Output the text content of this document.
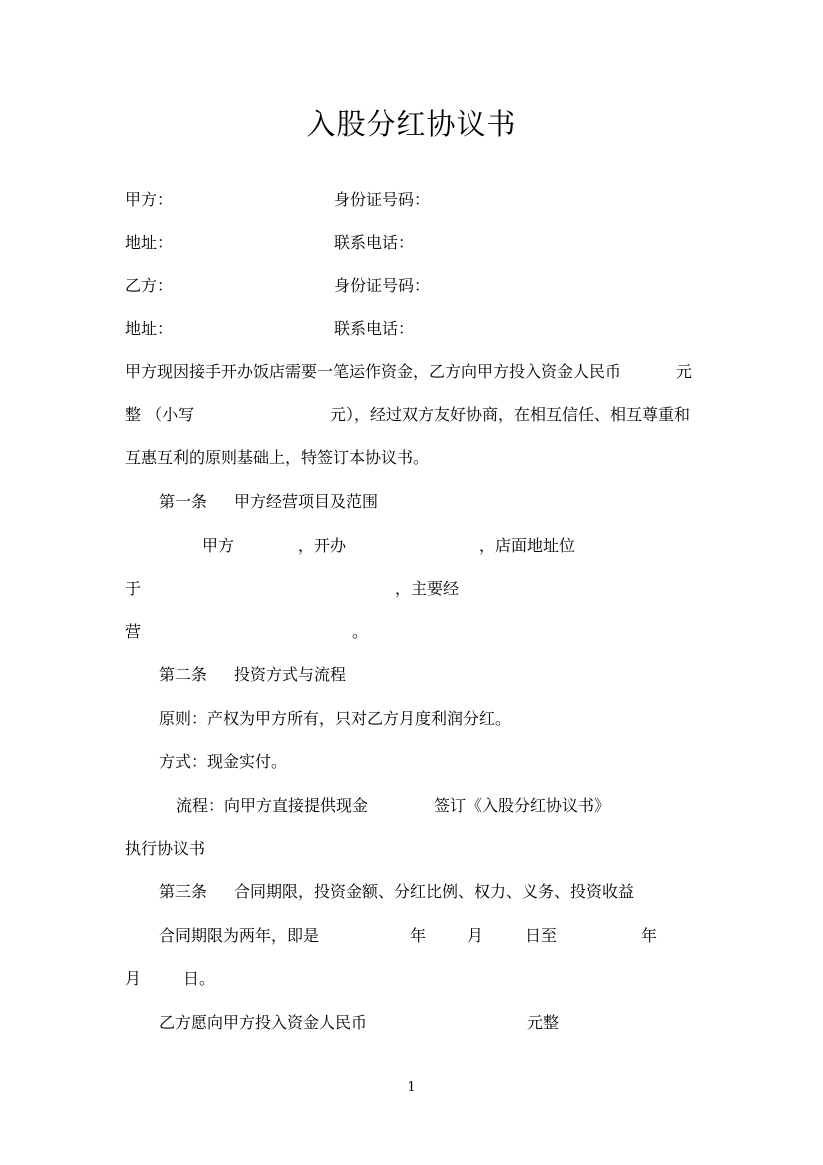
入股分红协议书
甲方：	身份证号码：
地址：	联系电话：
乙方：	身份证号码：
地址：	联系电话：
甲方现因接手开办饭店需要一笔运作资金，乙方向甲方投入资金人民币	元
整 （小写	元），经过双方友好协商，在相互信任、相互尊重和
互惠互利的原则基础上，特签订本协议书。
第一条 甲方经营项目及范围
甲方	，开办	，店面地址位
于	，主要经
营	。
第二条 投资方式与流程
原则：产权为甲方所有，只对乙方月度利润分红。
方式：现金实付。
流程：向甲方直接提供现金	签订《入股分红协议书》
执行协议书
第三条 合同期限，投资金额、分红比例、权力、义务、投资收益
合同期限为两年，即是	年	月	日至	年
月	日。
乙方愿向甲方投入资金人民币	元整
1
